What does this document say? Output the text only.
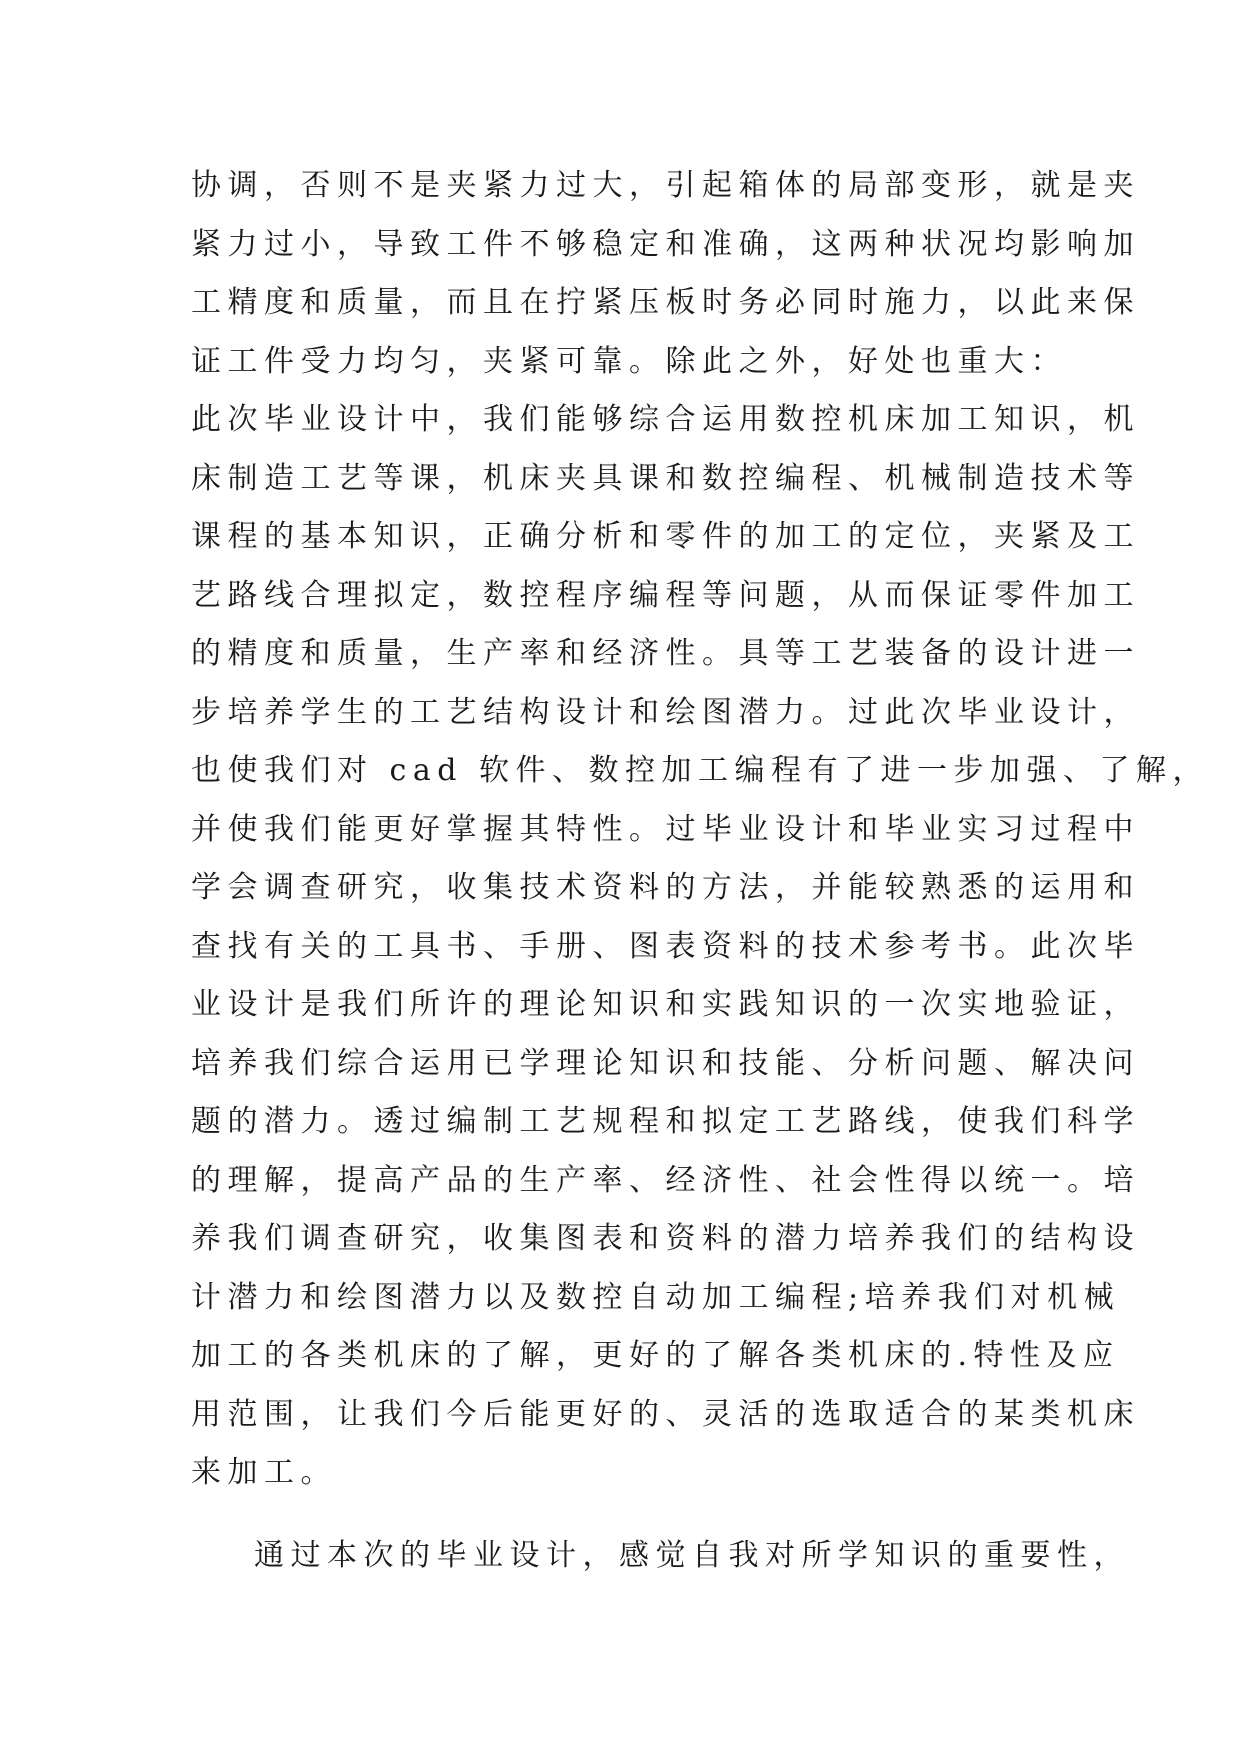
协调，否则不是夹紧力过大，引起箱体的局部变形，就是夹
紧力过小，导致工件不够稳定和准确，这两种状况均影响加
工精度和质量，而且在拧紧压板时务必同时施力，以此来保
证工件受力均匀，夹紧可靠。除此之外，好处也重大：
此次毕业设计中，我们能够综合运用数控机床加工知识，机
床制造工艺等课，机床夹具课和数控编程、机械制造技术等
课程的基本知识，正确分析和零件的加工的定位，夹紧及工
艺路线合理拟定，数控程序编程等问题，从而保证零件加工
的精度和质量，生产率和经济性。具等工艺装备的设计进一
步培养学生的工艺结构设计和绘图潜力。过此次毕业设计，
也使我们对 cad 软件、数控加工编程有了进一步加强、了解，
并使我们能更好掌握其特性。过毕业设计和毕业实习过程中
学会调查研究，收集技术资料的方法，并能较熟悉的运用和
查找有关的工具书、手册、图表资料的技术参考书。此次毕
业设计是我们所许的理论知识和实践知识的一次实地验证，
培养我们综合运用已学理论知识和技能、分析问题、解决问
题的潜力。透过编制工艺规程和拟定工艺路线，使我们科学
的理解，提高产品的生产率、经济性、社会性得以统一。培
养我们调查研究，收集图表和资料的潜力培养我们的结构设
计潜力和绘图潜力以及数控自动加工编程;培养我们对机械
加工的各类机床的了解，更好的了解各类机床的.特性及应
用范围，让我们今后能更好的、灵活的选取适合的某类机床
来加工。
通过本次的毕业设计，感觉自我对所学知识的重要性，
